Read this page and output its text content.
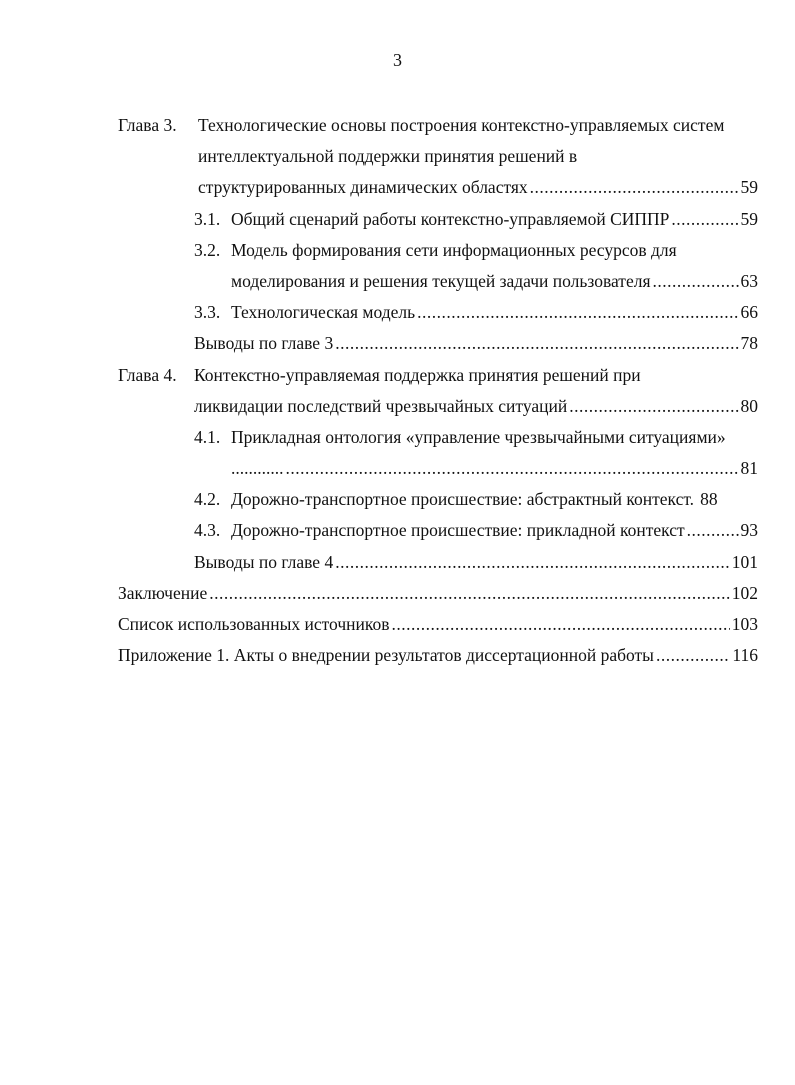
3
Глава 3. Технологические основы построения контекстно-управляемых систем
интеллектуальной поддержки принятия решений в
структурированных динамических областях .....	59
3.1. Общий сценарий работы контекстно-управляемой СИППР .....	59
3.2. Модель формирования сети информационных ресурсов для
моделирования и решения текущей задачи пользователя .....	63
3.3. Технологическая модель .....	66
Выводы по главе 3 .....	78
Глава 4. Контекстно-управляемая поддержка принятия решений при
ликвидации последствий чрезвычайных ситуаций .....	80
4.1. Прикладная онтология «управление чрезвычайными ситуациями»
............ .....	81
4.2. Дорожно-транспортное происшествие: абстрактный контекст. 88
4.3. Дорожно-транспортное происшествие: прикладной контекст .....	93
Выводы по главе 4 .....	101
Заключение .....	102
Список использованных источников .....	103
Приложение 1. Акты о внедрении результатов диссертационной работы .....	116
